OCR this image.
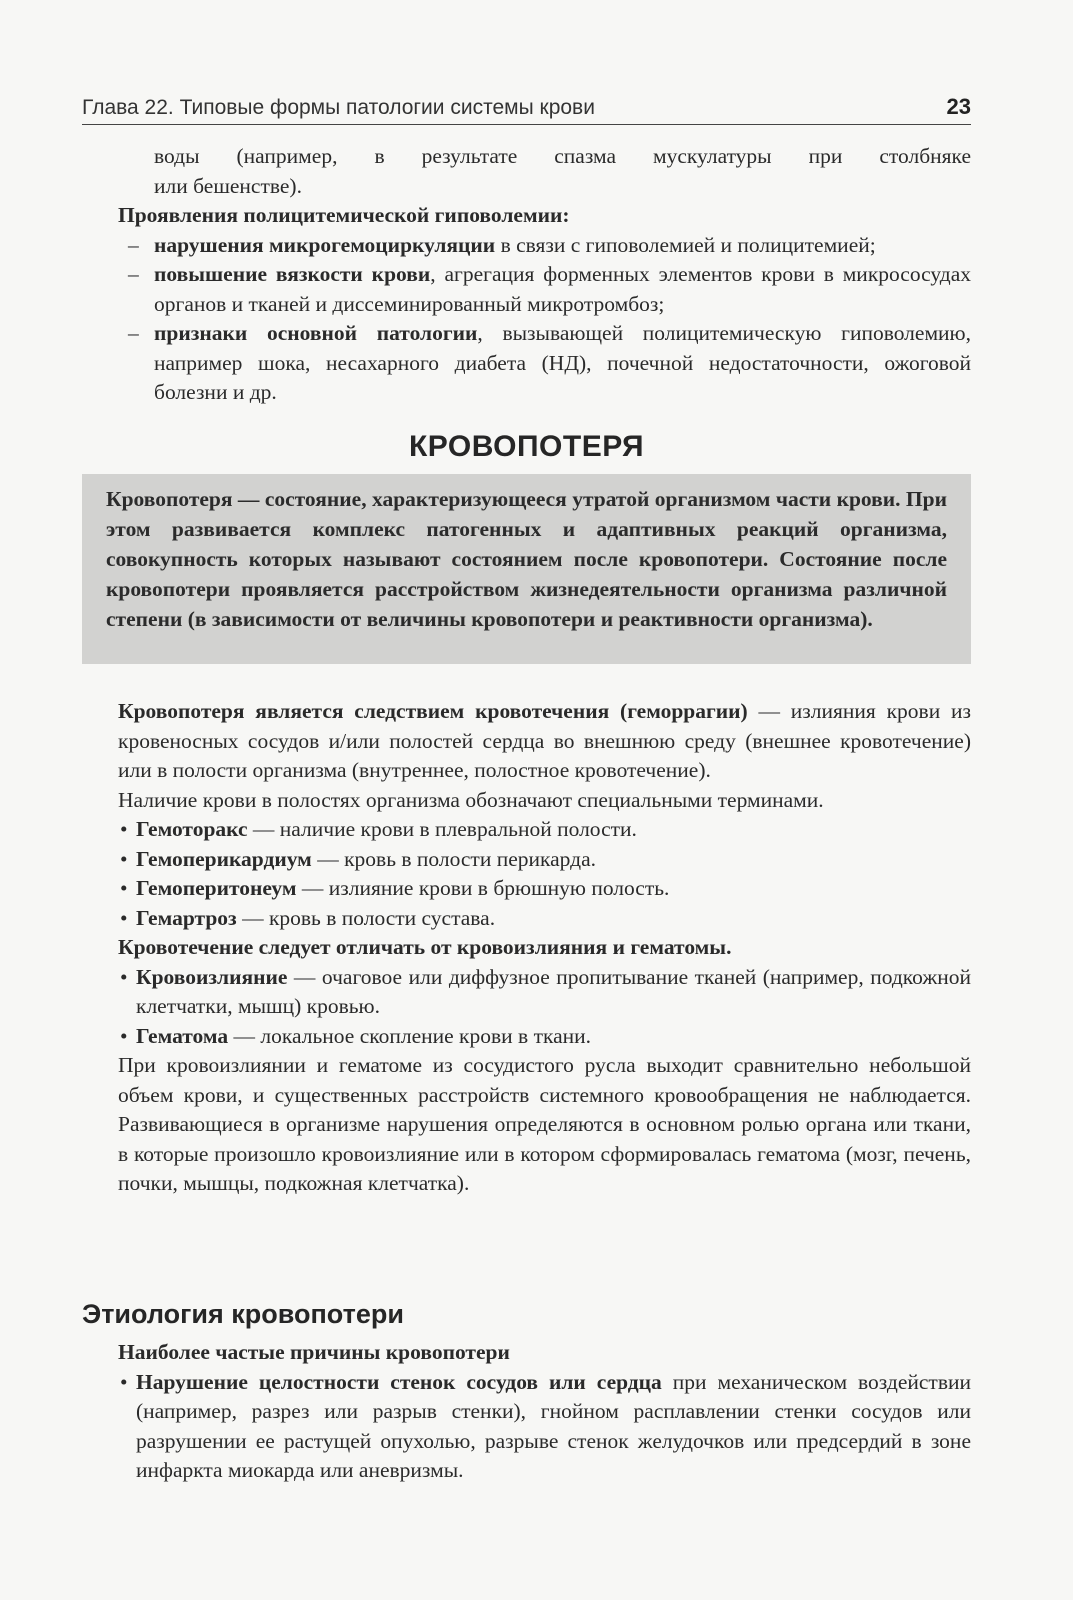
Глава 22. Типовые формы патологии системы крови	23

воды (например, в результате спазма мускулатуры при столбняке

или бешенстве).

Проявления полицитемической гиповолемии:

– нарушения микрогемоциркуляции в связи с гиповолемией и полицитемией;

– повышение вязкости крови, агрегация форменных элементов крови в микрососудах органов и тканей и диссеминированный микротромбоз;

– признаки основной патологии, вызывающей полицитемическую гиповолемию, например шока, несахарного диабета (НД), почечной недостаточности, ожоговой болезни и др.

КРОВОПОТЕРЯ
Кровопотеря — состояние, характеризующееся утратой организмом части крови. При этом развивается комплекс патогенных и адаптивных реакций организма, совокупность которых называют состоянием после кровопотери. Состояние после кровопотери проявляется расстройством жизнедеятельности организма различной степени (в зависимости от величины кровопотери и реактивности организма).

Кровопотеря является следствием кровотечения (геморрагии) — излияния крови из кровеносных сосудов и/или полостей сердца во внешнюю среду (внешнее кровотечение) или в полости организма (внутреннее, полостное кровотечение).

Наличие крови в полостях организма обозначают специальными терминами.

• Гемоторакс — наличие крови в плевральной полости.

• Гемоперикардиум — кровь в полости перикарда.

• Гемоперитонеум — излияние крови в брюшную полость.

• Гемартроз — кровь в полости сустава.

Кровотечение следует отличать от кровоизлияния и гематомы.

• Кровоизлияние — очаговое или диффузное пропитывание тканей (например, подкожной клетчатки, мышц) кровью.

• Гематома — локальное скопление крови в ткани.

При кровоизлиянии и гематоме из сосудистого русла выходит сравнительно небольшой объем крови, и существенных расстройств системного кровообращения не наблюдается. Развивающиеся в организме нарушения определяются в основном ролью органа или ткани, в которые произошло кровоизлияние или в котором сформировалась гематома (мозг, печень, почки, мышцы, подкожная клетчатка).

Этиология кровопотери

Наиболее частые причины кровопотери

• Нарушение целостности стенок сосудов или сердца при механическом воздействии (например, разрез или разрыв стенки), гнойном расплавлении стенки сосудов или разрушении ее растущей опухолью, разрыве стенок желудочков или предсердий в зоне инфаркта миокарда или аневризмы.
